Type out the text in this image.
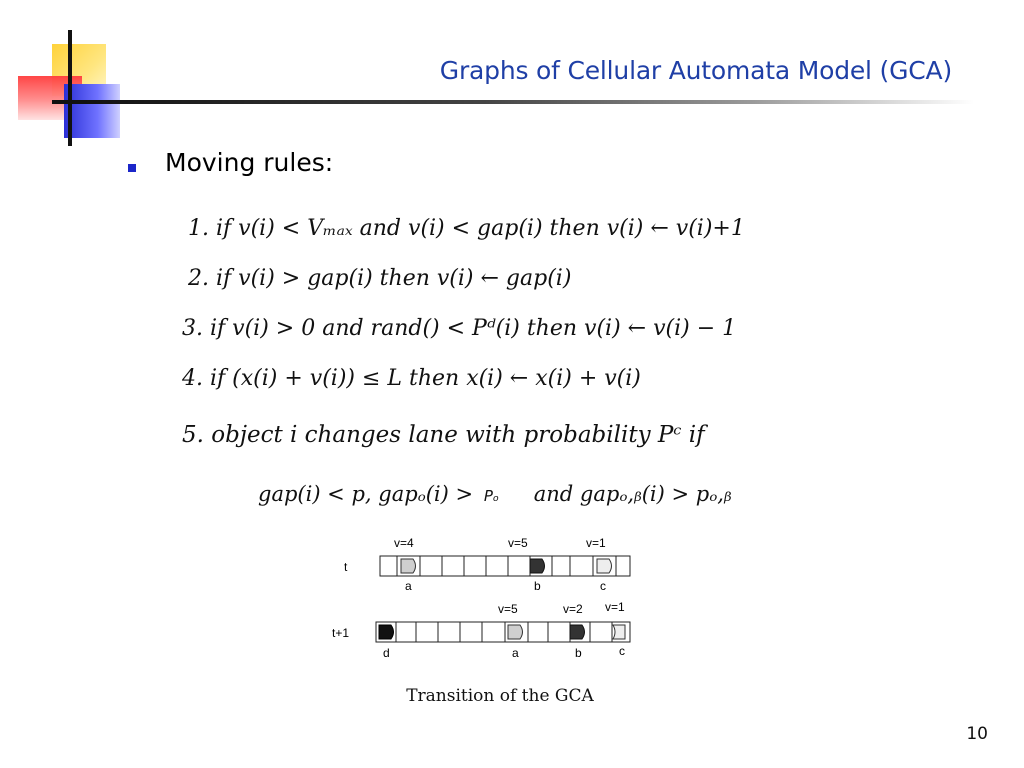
Graphs of Cellular Automata Model (GCA)
Moving rules:
1. if v(i) < Vₘₐₓ and v(i) < gap(i) then v(i) ← v(i)+1
2. if v(i) > gap(i) then v(i) ← gap(i)
3. if v(i) > 0 and rand() < Pᵈ(i) then v(i) ← v(i) − 1
4. if (x(i) + v(i)) ≤ L then x(i) ← x(i) + v(i)
5. object i changes lane with probability Pᶜ if
gap(i) < p, gapₒ(i) > Pₒ and gapₒ,ᵦ(i) > pₒ,ᵦ
t
v=4	v=5	v=1
a	b	c
t+1
v=5	v=2 v=1
d	a	b	c
Transition of the GCA
10
